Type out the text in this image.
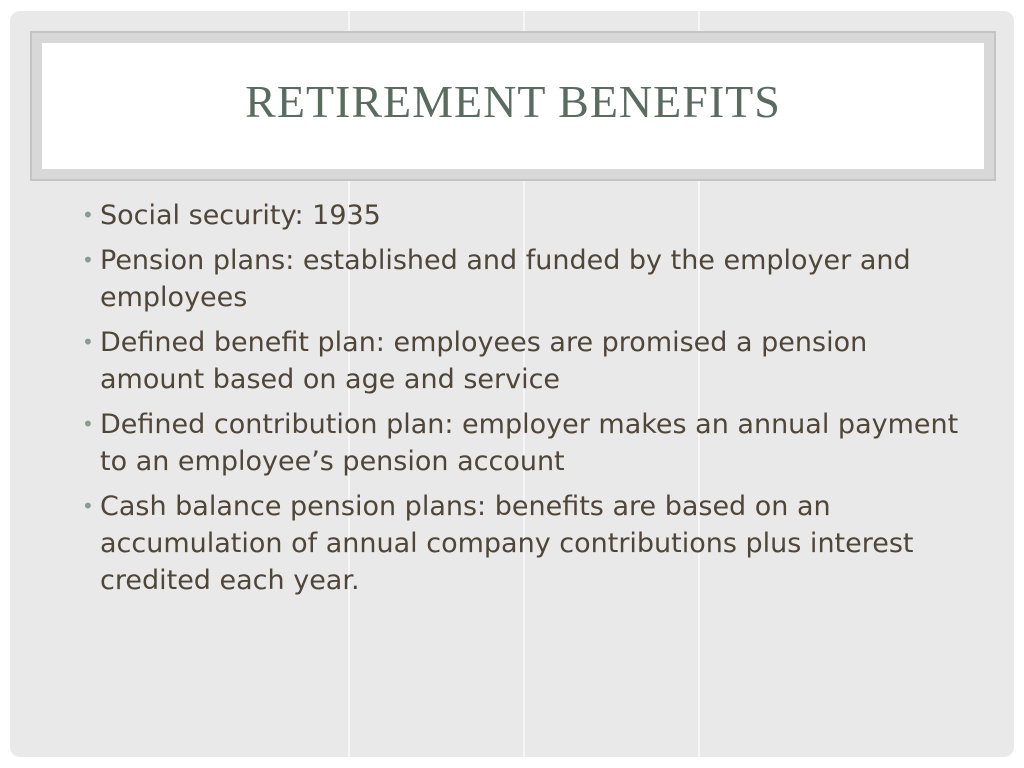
RETIREMENT BENEFITS
• Social security: 1935
• Pension plans: established and funded by the employer and employees
• Defined benefit plan: employees are promised a pension amount based on age and service
• Defined contribution plan: employer makes an annual payment to an employee’s pension account
• Cash balance pension plans: benefits are based on an accumulation of annual company contributions plus interest credited each year.
